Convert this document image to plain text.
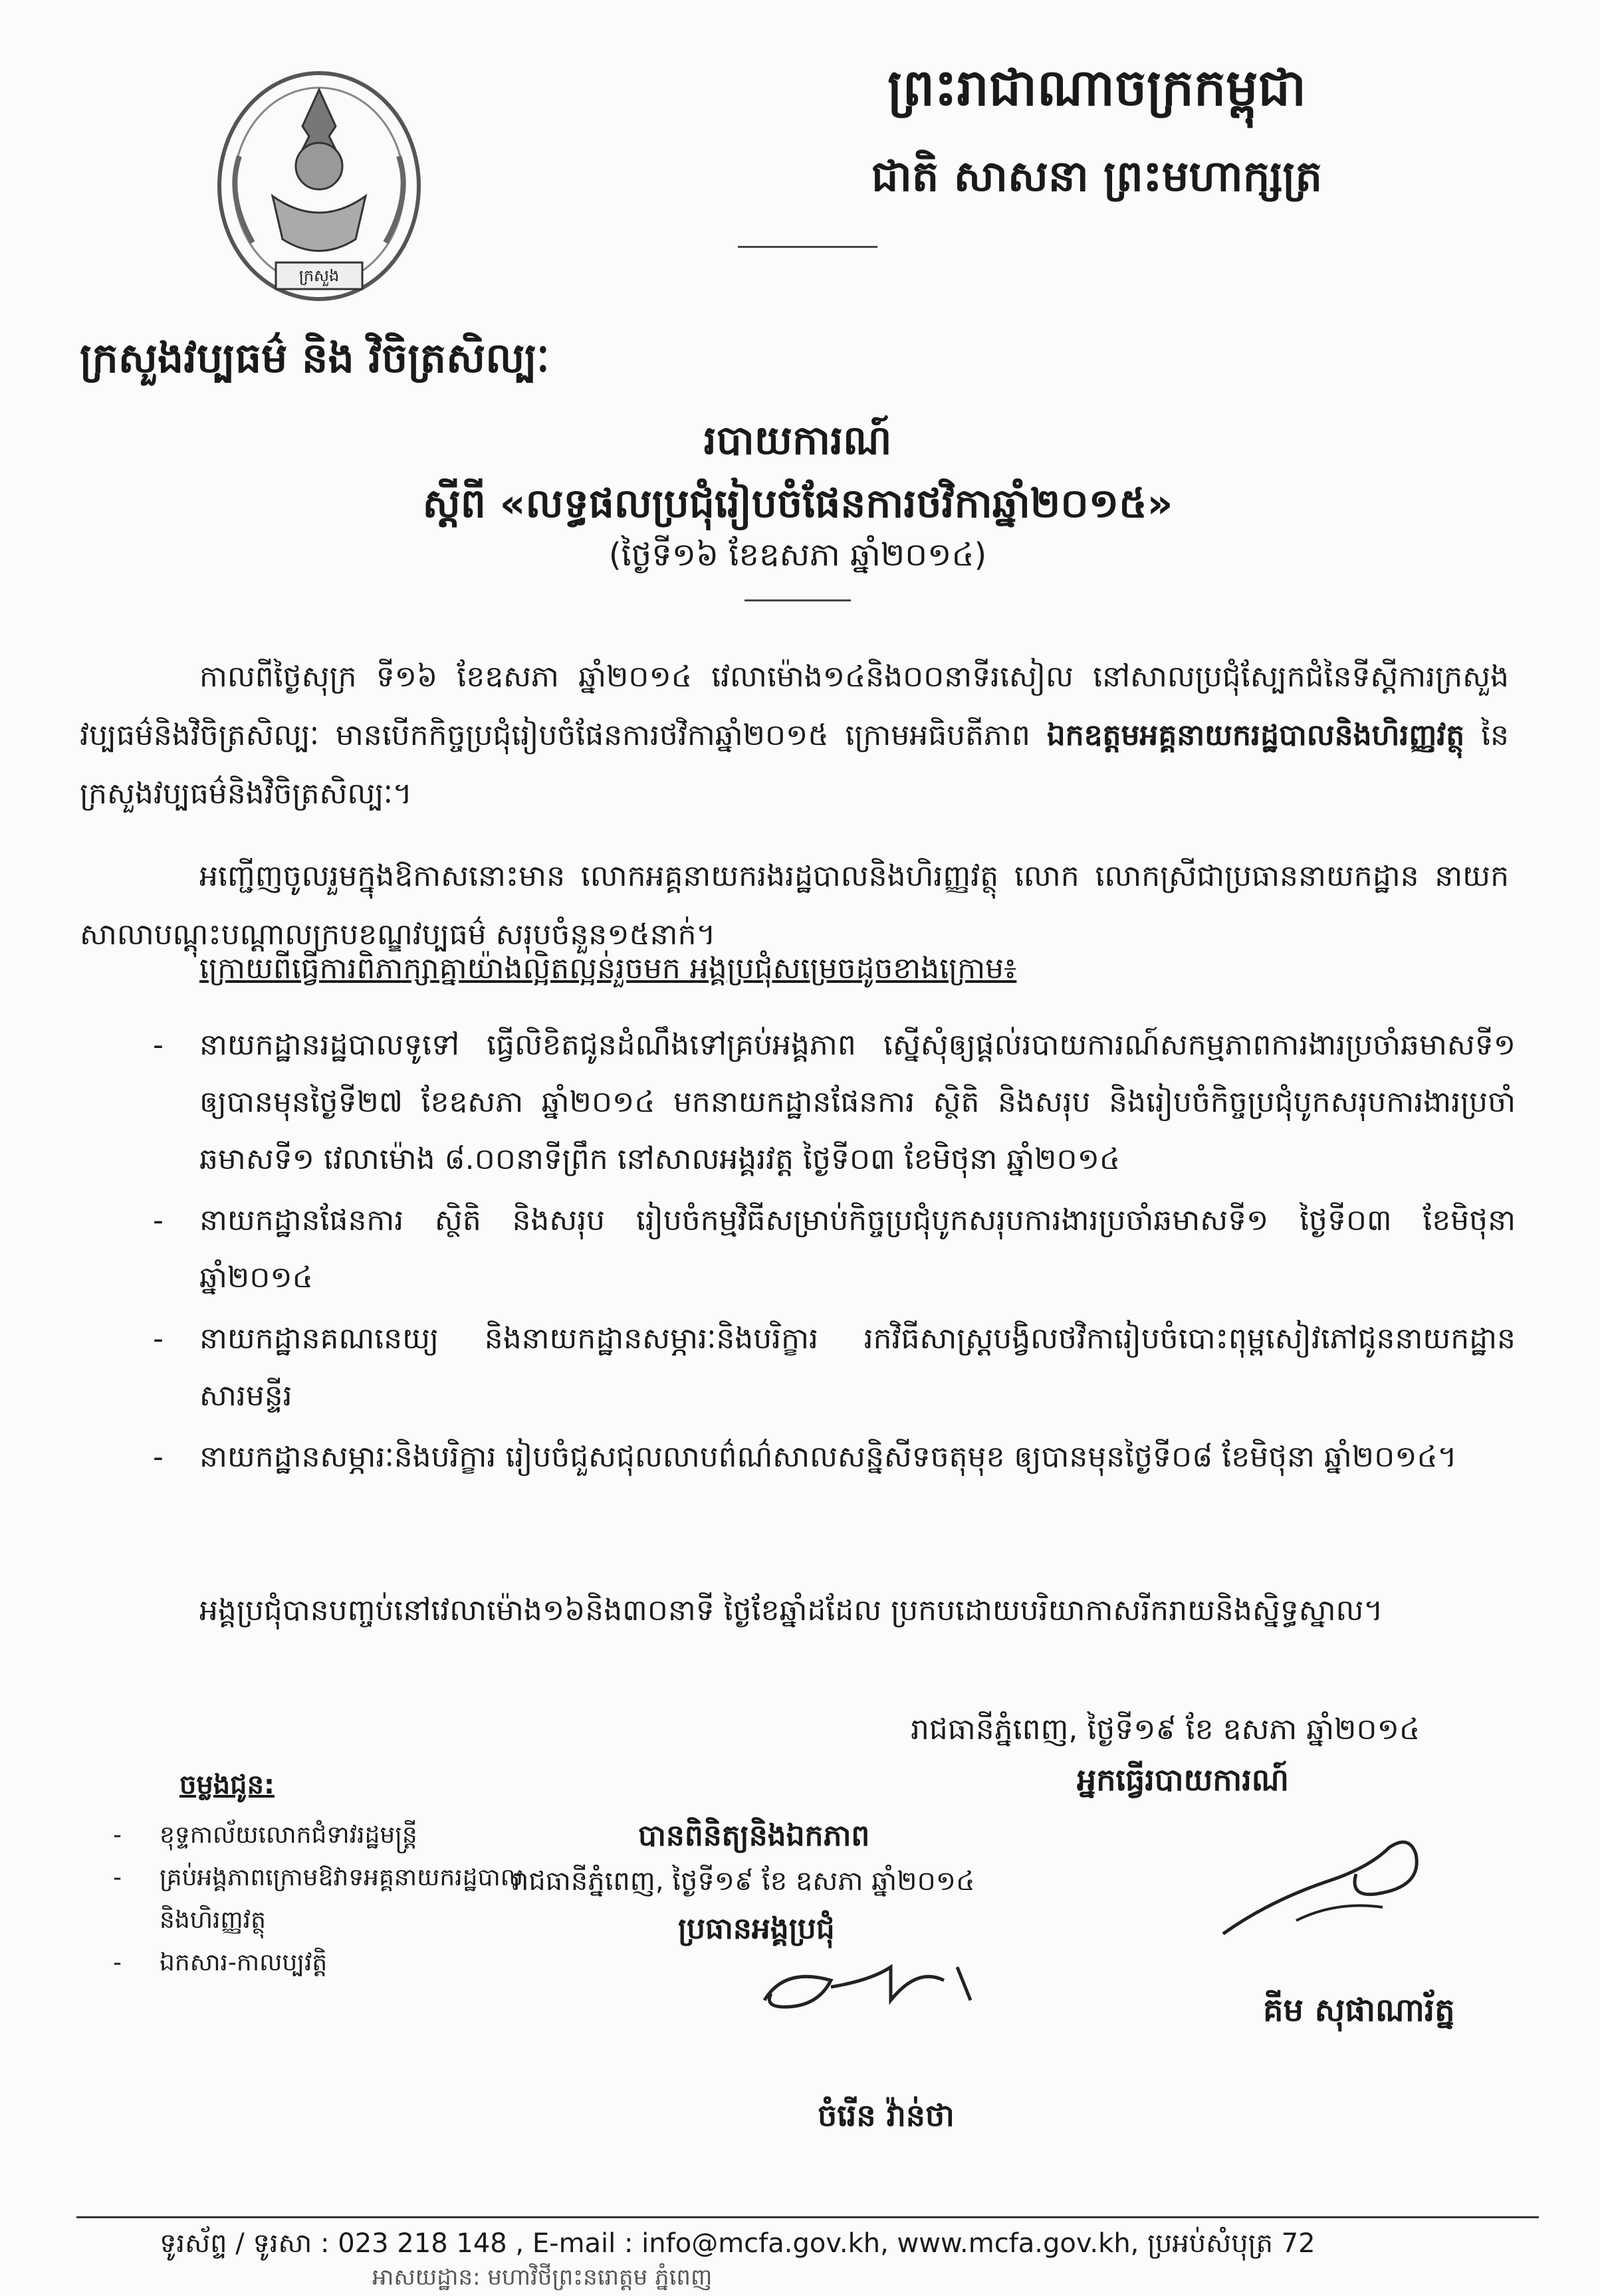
ក្រសួង
ព្រះរាជាណាចក្រកម្ពុជា
ជាតិ សាសនា ព្រះមហាក្សត្រ
ក្រសួងវប្បធម៌ និង វិចិត្រសិល្បៈ
របាយការណ៍
ស្តីពី «លទ្ធផលប្រជុំរៀបចំផែនការថវិកាឆ្នាំ២០១៥»
(ថ្ងៃទី១៦ ខែឧសភា ឆ្នាំ២០១៤)
កាលពីថ្ងៃសុក្រ ទី១៦ ខែឧសភា ឆ្នាំ២០១៤ វេលាម៉ោង១៤និង០០នាទីរសៀល នៅសាលប្រជុំស្បែកជំនៃទីស្តីការក្រសួងវប្បធម៌និងវិចិត្រសិល្បៈ មានបើកកិច្ចប្រជុំរៀបចំផែនការថវិកាឆ្នាំ២០១៥ ក្រោមអធិបតីភាព ឯកឧត្តមអគ្គនាយករដ្ឋបាលនិងហិរញ្ញវត្ថុ នៃក្រសួងវប្បធម៌និងវិចិត្រសិល្បៈ។
អញ្ជើញចូលរួមក្នុងឱកាសនោះមាន លោកអគ្គនាយករងរដ្ឋបាលនិងហិរញ្ញវត្ថុ លោក លោកស្រីជាប្រធាននាយកដ្ឋាន នាយកសាលាបណ្តុះបណ្តាលក្របខណ្ឌវប្បធម៌ សរុបចំនួន១៥នាក់។
ក្រោយពីធ្វើការពិភាក្សាគ្នាយ៉ាងល្អិតល្អន់រួចមក អង្គប្រជុំសម្រេចដូចខាងក្រោម៖
- នាយកដ្ឋានរដ្ឋបាលទូទៅ ធ្វើលិខិតជូនដំណឹងទៅគ្រប់អង្គភាព ស្នើសុំឲ្យផ្តល់របាយការណ៍សកម្មភាពការងារប្រចាំឆមាសទី១ ឲ្យបានមុនថ្ងៃទី២៧ ខែឧសភា ឆ្នាំ២០១៤ មកនាយកដ្ឋានផែនការ ស្ថិតិ និងសរុប និងរៀបចំកិច្ចប្រជុំបូកសរុបការងារប្រចាំឆមាសទី១ វេលាម៉ោង ៨.០០នាទីព្រឹក នៅសាលអង្គរវត្ត ថ្ងៃទី០៣ ខែមិថុនា ឆ្នាំ២០១៤
- នាយកដ្ឋានផែនការ ស្ថិតិ និងសរុប រៀបចំកម្មវិធីសម្រាប់កិច្ចប្រជុំបូកសរុបការងារប្រចាំឆមាសទី១ ថ្ងៃទី០៣ ខែមិថុនា ឆ្នាំ២០១៤
- នាយកដ្ឋានគណនេយ្យ និងនាយកដ្ឋានសម្ភារៈនិងបរិក្ខារ រកវិធីសាស្ត្របង្វិលថវិការៀបចំបោះពុម្ពសៀវភៅជូននាយកដ្ឋានសារមន្ទីរ
- នាយកដ្ឋានសម្ភារៈនិងបរិក្ខារ រៀបចំជួសជុលលាបព៌ណ៌សាលសន្និសីទចតុមុខ ឲ្យបានមុនថ្ងៃទី០៨ ខែមិថុនា ឆ្នាំ២០១៤។
អង្គប្រជុំបានបញ្ចប់នៅវេលាម៉ោង១៦និង៣០នាទី ថ្ងៃខែឆ្នាំដដែល ប្រកបដោយបរិយាកាសរីករាយនិងស្និទ្ធស្នាល។
រាជធានីភ្នំពេញ, ថ្ងៃទី១៩ ខែ ឧសភា ឆ្នាំ២០១៤
អ្នកធ្វើរបាយការណ៍
គីម សុផាណារ័ត្ន
បានពិនិត្យនិងឯកភាព
រាជធានីភ្នំពេញ, ថ្ងៃទី១៩ ខែ ឧសភា ឆ្នាំ២០១៤
ប្រធានអង្គប្រជុំ
ចំរើន វ៉ាន់ថា
ចម្លងជូន:
- ខុទ្ទកាល័យលោកជំទាវរដ្ឋមន្ត្រី
- គ្រប់អង្គភាពក្រោមឱវាទអគ្គនាយករដ្ឋបាលនិងហិរញ្ញវត្ថុ
- ឯកសារ-កាលប្បវត្តិ
ទូរស័ព្ទ / ទូរសា : 023 218 148 , E-mail : info@mcfa.gov.kh, www.mcfa.gov.kh, ប្រអប់សំបុត្រ 72
អាសយដ្ឋាន: មហាវិថីព្រះនរោត្តម ភ្នំពេញ
